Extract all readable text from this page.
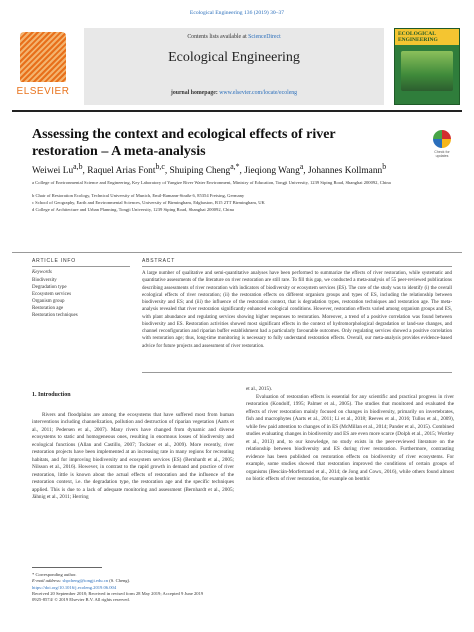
Ecological Engineering 136 (2019) 30–37
ELSEVIER
Contents lists available at ScienceDirect
Ecological Engineering
journal homepage: www.elsevier.com/locate/ecoleng
ECOLOGICAL ENGINEERING
Assessing the context and ecological effects of river restoration – A meta-analysis	Check for updates
Weiwei Lu$^{a,b}$, Raquel Arias Font$^{b,c}$, Shuiping Cheng$^{a,*}$, Jieqiong Wang$^a$, Johannes Kollmann$^b$
a College of Environmental Science and Engineering, Key Laboratory of Yangtze River Water Environment, Ministry of Education, Tongji University, 1239 Siping Road, Shanghai 200092, China
b Chair of Restoration Ecology, Technical University of Munich, Emil-Ramann-Straße 6, 85354 Freising, Germany
c School of Geography, Earth and Environmental Sciences, University of Birmingham, Edgbaston, B15 2TT Birmingham, UK
d College of Architecture and Urban Planning, Tongji University, 1239 Siping Road, Shanghai 200092, China
ARTICLE INFO	ABSTRACT
Keywords
Biodiversity
Degradation type
Ecosystem services
Organism group
Restoration age
Restoration techniques
A large number of qualitative and semi-quantitative analyses have been performed to summarize the effects of river restoration, while systematic and quantitative assessments of the literature on river restoration are still rare. To fill this gap, we conducted a meta-analysis of 55 peer-reviewed publications describing assessments of river restoration with indicators of biodiversity or ecosystem services (ES). The core of the study was to identify (i) the overall ecological effects of river restoration; (ii) the restoration effects on different organism groups and types of ES, including the relationship between biodiversity and ES; and (iii) the influence of the restoration context, that is degradation types, restoration techniques and restoration age. The meta-analysis revealed that river restoration significantly enhanced ecological conditions. However, restoration effects varied among organism groups and ES, with plant abundance and regulating services showing higher responses to restoration. Moreover, a trend of a positive correlation was found between biodiversity and ES. Restoration activities showed most significant effects in the context of hydromorphological degradation or land-use changes, and channel reconfiguration and riparian buffer establishment had a particularly favourable outcomes. Only regulating services showed a positive correlation with restoration age; thus, long-time monitoring is necessary to fully understand restoration effects. Overall, our meta-analysis provides evidence-based advice for future projects and assessment of river restoration.
1. Introduction

Rivers and floodplains are among the ecosystems that have suffered most from human interventions including channelization, pollution and destruction of riparian vegetation (Aarts et al., 2011; Pedersen et al., 2007). Many rivers have changed from dynamic and diverse ecosystems to static and homogeneous ones, resulting in enormous losses of biodiversity and ecological functions (Allan and Castillo, 2007; Tockner et al., 2009). More recently, river restoration projects have been implemented at an increasing rate in many regions for recreating habitats, and for improving biodiversity and ecosystem services (ES) (Bernhardt et al., 2005; Nilsson et al., 2016). However, in contrast to the rapid growth in demand and practice of river restoration, little is known about the actual effects of restoration and the influence of the restoration context, i.e. the degradation type, the restoration age and the specific techniques applied. This is due to a lack of adequate monitoring and assessment (Bernhardt et al., 2005; Jähnig et al., 2011; Herring

et al., 2015).

Evaluation of restoration effects is essential for any scientific and practical progress in river restoration (Kondolf, 1995; Palmer et al., 2005). The studies that monitored and evaluated the effects of river restoration mainly focused on changes in biodiversity, primarily on invertebrates, fish and macrophytes (Aarts et al., 2011; Li et al., 2018; Reeves et al., 2016; Tullos et al., 2009), while few paid attention to changes of in ES (McMillan et al., 2014; Pander et al., 2015). Combined studies evaluating changes in biodiversity and ES are even more scarce (Dolph et al., 2015; Wortley et al., 2013) and, to our knowledge, no study exists in the peer-reviewed literature on the relationship between biodiversity and ES during river restoration. Furthermore, contrasting evidence has been published on restoration effects on biodiversity of river ecosystems. For example, some studies showed that restoration improved the conditions of certain groups of organisms (Bescián-Morfertrand et al., 2014; de Jong and Cowx, 2016), while others found almost no biotic effects of river restoration, for example on benthic

* Corresponding author.
E-mail address: shpcheng@tongji.edu.cn (S. Cheng).
https://doi.org/10.1016/j.ecoleng.2019.06.004
Received 20 September 2018; Received in revised form 28 May 2019; Accepted 9 June 2019
0925-8574/ © 2019 Elsevier B.V. All rights reserved.
